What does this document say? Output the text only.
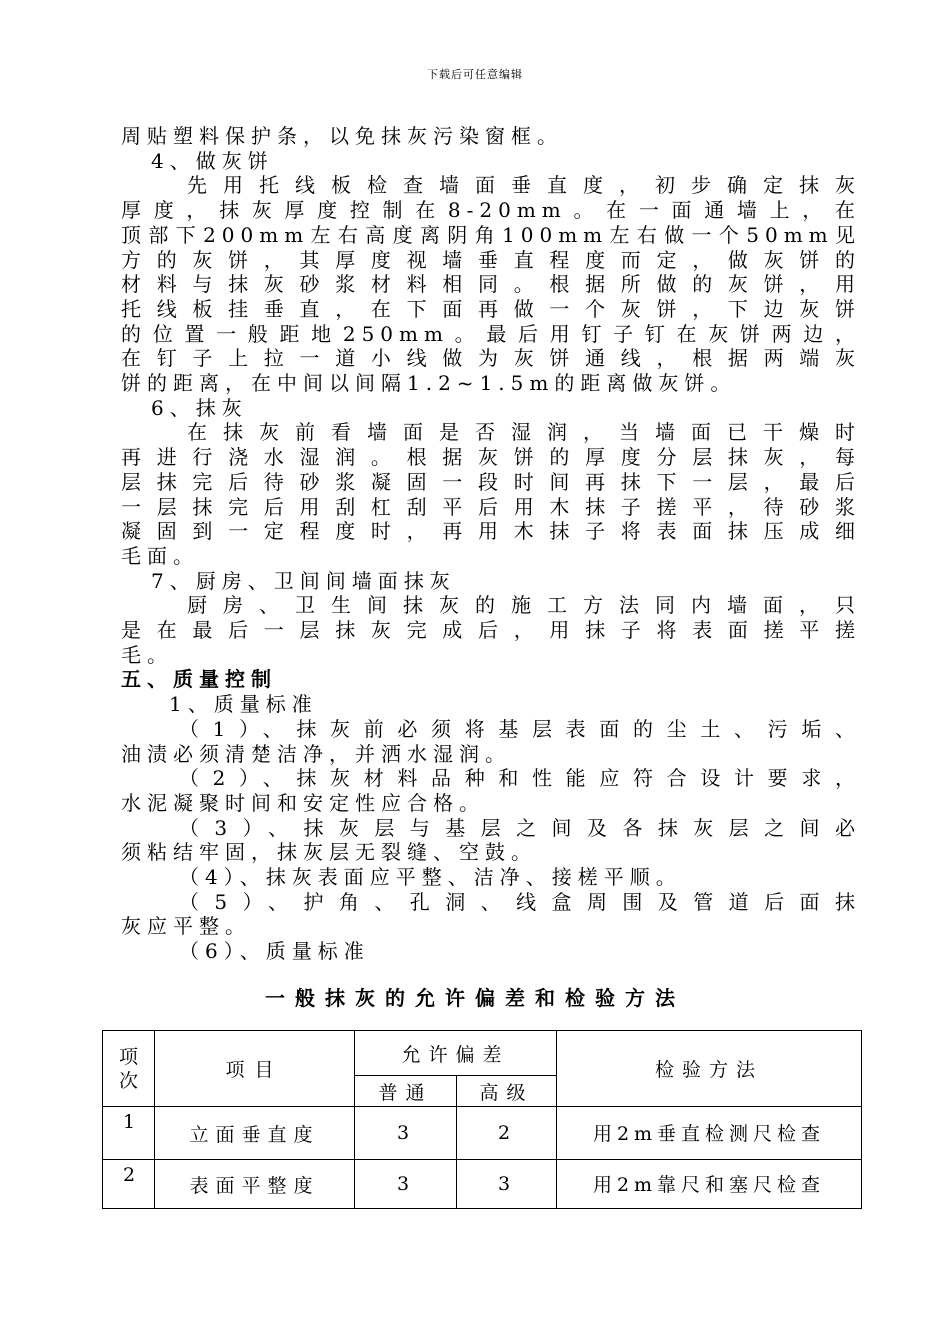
下载后可任意编辑
周贴塑料保护条，以免抹灰污染窗框。
4、做灰饼
先用托线板检查墙面垂直度，初步确定抹灰
厚度，抹灰厚度控制在8-20mm。在一面通墙上，在
顶部下200mm左右高度离阴角100mm左右做一个50mm见
方的灰饼，其厚度视墙垂直程度而定，做灰饼的
材料与抹灰砂浆材料相同。根据所做的灰饼，用
托线板挂垂直，在下面再做一个灰饼，下边灰饼
的位置一般距地250mm。最后用钉子钉在灰饼两边，
在钉子上拉一道小线做为灰饼通线，根据两端灰
饼的距离，在中间以间隔1.2~1.5m的距离做灰饼。
6、抹灰
在抹灰前看墙面是否湿润，当墙面已干燥时
再进行浇水湿润。根据灰饼的厚度分层抹灰，每
层抹完后待砂浆凝固一段时间再抹下一层，最后
一层抹完后用刮杠刮平后用木抹子搓平，待砂浆
凝固到一定程度时，再用木抹子将表面抹压成细
毛面。
7、厨房、卫间间墙面抹灰
厨房、卫生间抹灰的施工方法同内墙面，只
是在最后一层抹灰完成后，用抹子将表面搓平搓
毛。
五、质量控制
1、质量标准
（1）、抹灰前必须将基层表面的尘土、污垢、
油渍必须清楚洁净，并洒水湿润。
（2）、抹灰材料品种和性能应符合设计要求，
水泥凝聚时间和安定性应合格。
（3）、抹灰层与基层之间及各抹灰层之间必
须粘结牢固，抹灰层无裂缝、空鼓。
（4）、抹灰表面应平整、洁净、接槎平顺。
（5）、护角、孔洞、线盒周围及管道后面抹
灰应平整。
（6）、质量标准
一般抹灰的允许偏差和检验方法
项次	项目	允许偏差		检验方法
		普通	高级	
1	立面垂直度	3	2	用2m垂直检测尺检查
2	表面平整度	3	3	用2m靠尺和塞尺检查
